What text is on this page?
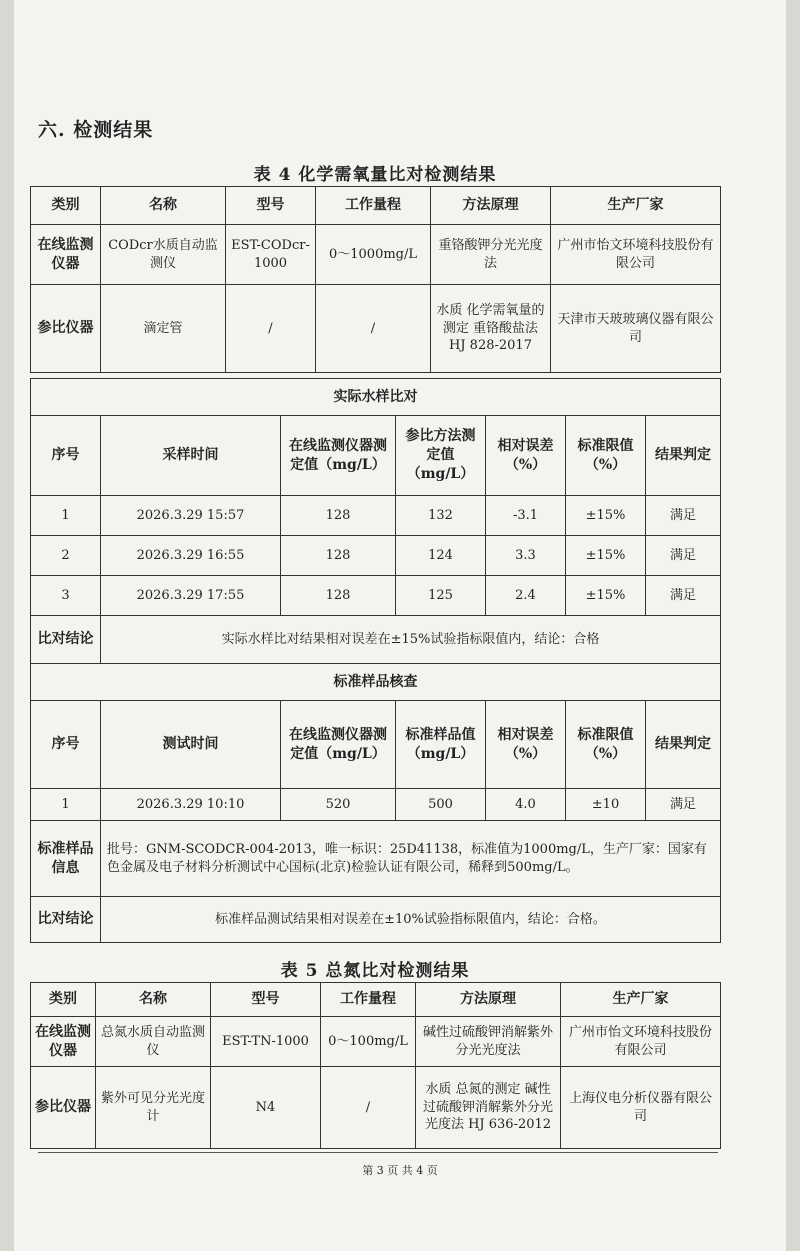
六. 检测结果
表 4 化学需氧量比对检测结果
类别	名称	型号	工作量程	方法原理	生产厂家
在线监测仪器	CODcr水质自动监测仪	EST-CODcr-1000	0～1000mg/L	重铬酸钾分光光度法	广州市怡文环境科技股份有限公司
参比仪器	滴定管	/	/	水质 化学需氧量的测定 重铬酸盐法 HJ 828-2017	天津市天玻玻璃仪器有限公司
实际水样比对						
序号	采样时间	在线监测仪器测定值（mg/L）	参比方法测定值（mg/L）	相对误差（%）	标准限值（%）	结果判定
1	2026.3.29 15:57	128	132	-3.1	±15%	满足
2	2026.3.29 16:55	128	124	3.3	±15%	满足
3	2026.3.29 17:55	128	125	2.4	±15%	满足
比对结论	实际水样比对结果相对误差在±15%试验指标限值内，结论：合格					
标准样品核查						
序号	测试时间	在线监测仪器测定值（mg/L）	标准样品值（mg/L）	相对误差（%）	标准限值（%）	结果判定
1	2026.3.29 10:10	520	500	4.0	±10	满足
标准样品信息	批号：GNM-SCODCR-004-2013，唯一标识：25D41138，标准值为1000mg/L，生产厂家：国家有色金属及电子材料分析测试中心国标(北京)检验认证有限公司，稀释到500mg/L。					
比对结论	标准样品测试结果相对误差在±10%试验指标限值内，结论：合格。					
表 5 总氮比对检测结果
类别	名称	型号	工作量程	方法原理	生产厂家
在线监测仪器	总氮水质自动监测仪	EST-TN-1000	0～100mg/L	碱性过硫酸钾消解紫外分光光度法	广州市怡文环境科技股份有限公司
参比仪器	紫外可见分光光度计	N4	/	水质 总氮的测定 碱性过硫酸钾消解紫外分光光度法 HJ 636-2012	上海仪电分析仪器有限公司
第 3 页 共 4 页
